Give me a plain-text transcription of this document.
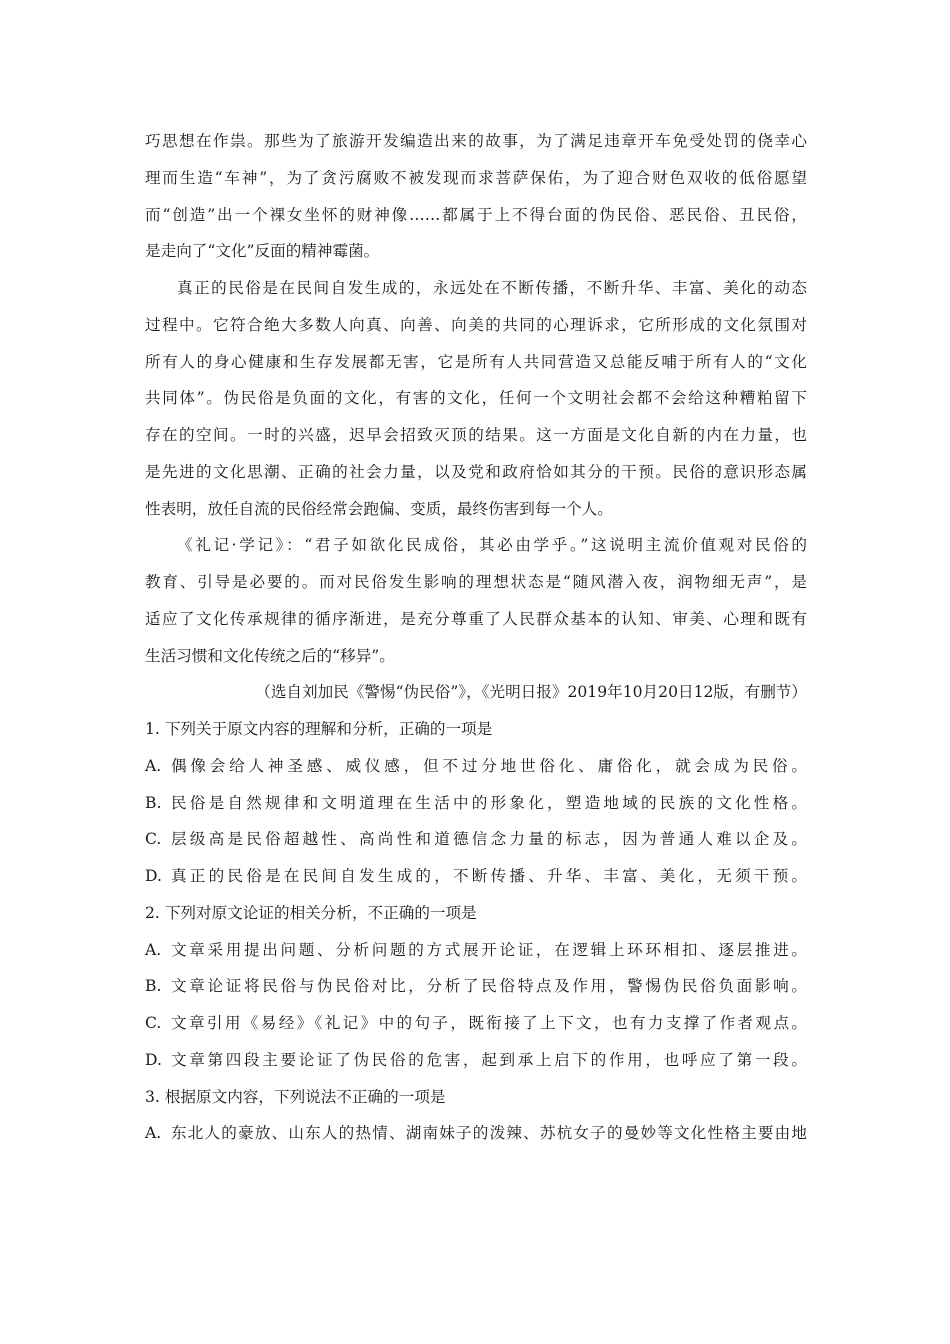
巧思想在作祟。那些为了旅游开发编造出来的故事，为了满足违章开车免受处罚的侥幸心
理而生造“车神”，为了贪污腐败不被发现而求菩萨保佑，为了迎合财色双收的低俗愿望
而“创造”出一个裸女坐怀的财神像……都属于上不得台面的伪民俗、恶民俗、丑民俗，
是走向了“文化”反面的精神霉菌。
真正的民俗是在民间自发生成的，永远处在不断传播，不断升华、丰富、美化的动态
过程中。它符合绝大多数人向真、向善、向美的共同的心理诉求，它所形成的文化氛围对
所有人的身心健康和生存发展都无害，它是所有人共同营造又总能反哺于所有人的“文化
共同体”。伪民俗是负面的文化，有害的文化，任何一个文明社会都不会给这种糟粕留下
存在的空间。一时的兴盛，迟早会招致灭顶的结果。这一方面是文化自新的内在力量，也
是先进的文化思潮、正确的社会力量，以及党和政府恰如其分的干预。民俗的意识形态属
性表明，放任自流的民俗经常会跑偏、变质，最终伤害到每一个人。
《礼记·学记》：“君子如欲化民成俗，其必由学乎。”这说明主流价值观对民俗的
教育、引导是必要的。而对民俗发生影响的理想状态是“随风潜入夜，润物细无声”，是
适应了文化传承规律的循序渐进，是充分尊重了人民群众基本的认知、审美、心理和既有
生活习惯和文化传统之后的“移异”。
（选自刘加民《警惕“伪民俗”》，《光明日报》2019年10月20日12版，有删节）
1. 下列关于原文内容的理解和分析，正确的一项是
A. 偶像会给人神圣感、威仪感，但不过分地世俗化、庸俗化，就会成为民俗。
B. 民俗是自然规律和文明道理在生活中的形象化，塑造地域的民族的文化性格。
C. 层级高是民俗超越性、高尚性和道德信念力量的标志，因为普通人难以企及。
D. 真正的民俗是在民间自发生成的，不断传播、升华、丰富、美化，无须干预。
2. 下列对原文论证的相关分析，不正确的一项是
A. 文章采用提出问题、分析问题的方式展开论证，在逻辑上环环相扣、逐层推进。
B. 文章论证将民俗与伪民俗对比，分析了民俗特点及作用，警惕伪民俗负面影响。
C. 文章引用《易经》《礼记》中的句子，既衔接了上下文，也有力支撑了作者观点。
D. 文章第四段主要论证了伪民俗的危害，起到承上启下的作用，也呼应了第一段。
3. 根据原文内容，下列说法不正确的一项是
A. 东北人的豪放、山东人的热情、湖南妹子的泼辣、苏杭女子的曼妙等文化性格主要由地
